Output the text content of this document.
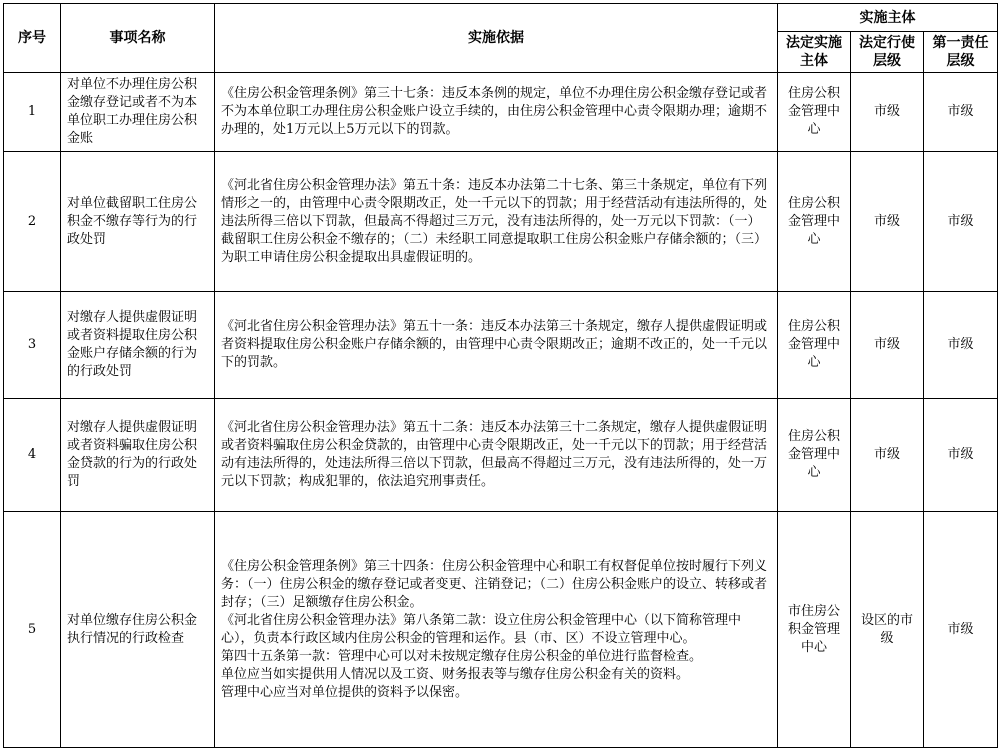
序号	事项名称	实施依据	实施主体		
			法定实施主体	法定行使层级	第一责任层级
1	对单位不办理住房公积金缴存登记或者不为本单位职工办理住房公积金账	《住房公积金管理条例》第三十七条：违反本条例的规定，单位不办理住房公积金缴存登记或者不为本单位职工办理住房公积金账户设立手续的，由住房公积金管理中心责令限期办理；逾期不办理的，处1万元以上5万元以下的罚款。	住房公积金管理中心	市级	市级
2	对单位截留职工住房公积金不缴存等行为的行政处罚	《河北省住房公积金管理办法》第五十条：违反本办法第二十七条、第三十条规定，单位有下列情形之一的，由管理中心责令限期改正，处一千元以下的罚款；用于经营活动有违法所得的，处违法所得三倍以下罚款，但最高不得超过三万元，没有违法所得的，处一万元以下罚款：（一）截留职工住房公积金不缴存的；（二）未经职工同意提取职工住房公积金账户存储余额的；（三）为职工申请住房公积金提取出具虚假证明的。	住房公积金管理中心	市级	市级
3	对缴存人提供虚假证明或者资料提取住房公积金账户存储余额的行为的行政处罚	《河北省住房公积金管理办法》第五十一条：违反本办法第三十条规定，缴存人提供虚假证明或者资料提取住房公积金账户存储余额的，由管理中心责令限期改正；逾期不改正的，处一千元以下的罚款。	住房公积金管理中心	市级	市级
4	对缴存人提供虚假证明或者资料骗取住房公积金贷款的行为的行政处罚	《河北省住房公积金管理办法》第五十二条：违反本办法第三十二条规定，缴存人提供虚假证明或者资料骗取住房公积金贷款的，由管理中心责令限期改正，处一千元以下的罚款；用于经营活动有违法所得的，处违法所得三倍以下罚款，但最高不得超过三万元，没有违法所得的，处一万元以下罚款；构成犯罪的，依法追究刑事责任。	住房公积金管理中心	市级	市级
5	对单位缴存住房公积金执行情况的行政检查	《住房公积金管理条例》第三十四条：住房公积金管理中心和职工有权督促单位按时履行下列义务：（一）住房公积金的缴存登记或者变更、注销登记；（二）住房公积金账户的设立、转移或者封存；（三）足额缴存住房公积金。
《河北省住房公积金管理办法》第八条第二款：设立住房公积金管理中心（以下简称管理中心），负责本行政区域内住房公积金的管理和运作。县（市、区）不设立管理中心。
第四十五条第一款：管理中心可以对未按规定缴存住房公积金的单位进行监督检查。
单位应当如实提供用人情况以及工资、财务报表等与缴存住房公积金有关的资料。
管理中心应当对单位提供的资料予以保密。	市住房公积金管理中心	设区的市级	市级
